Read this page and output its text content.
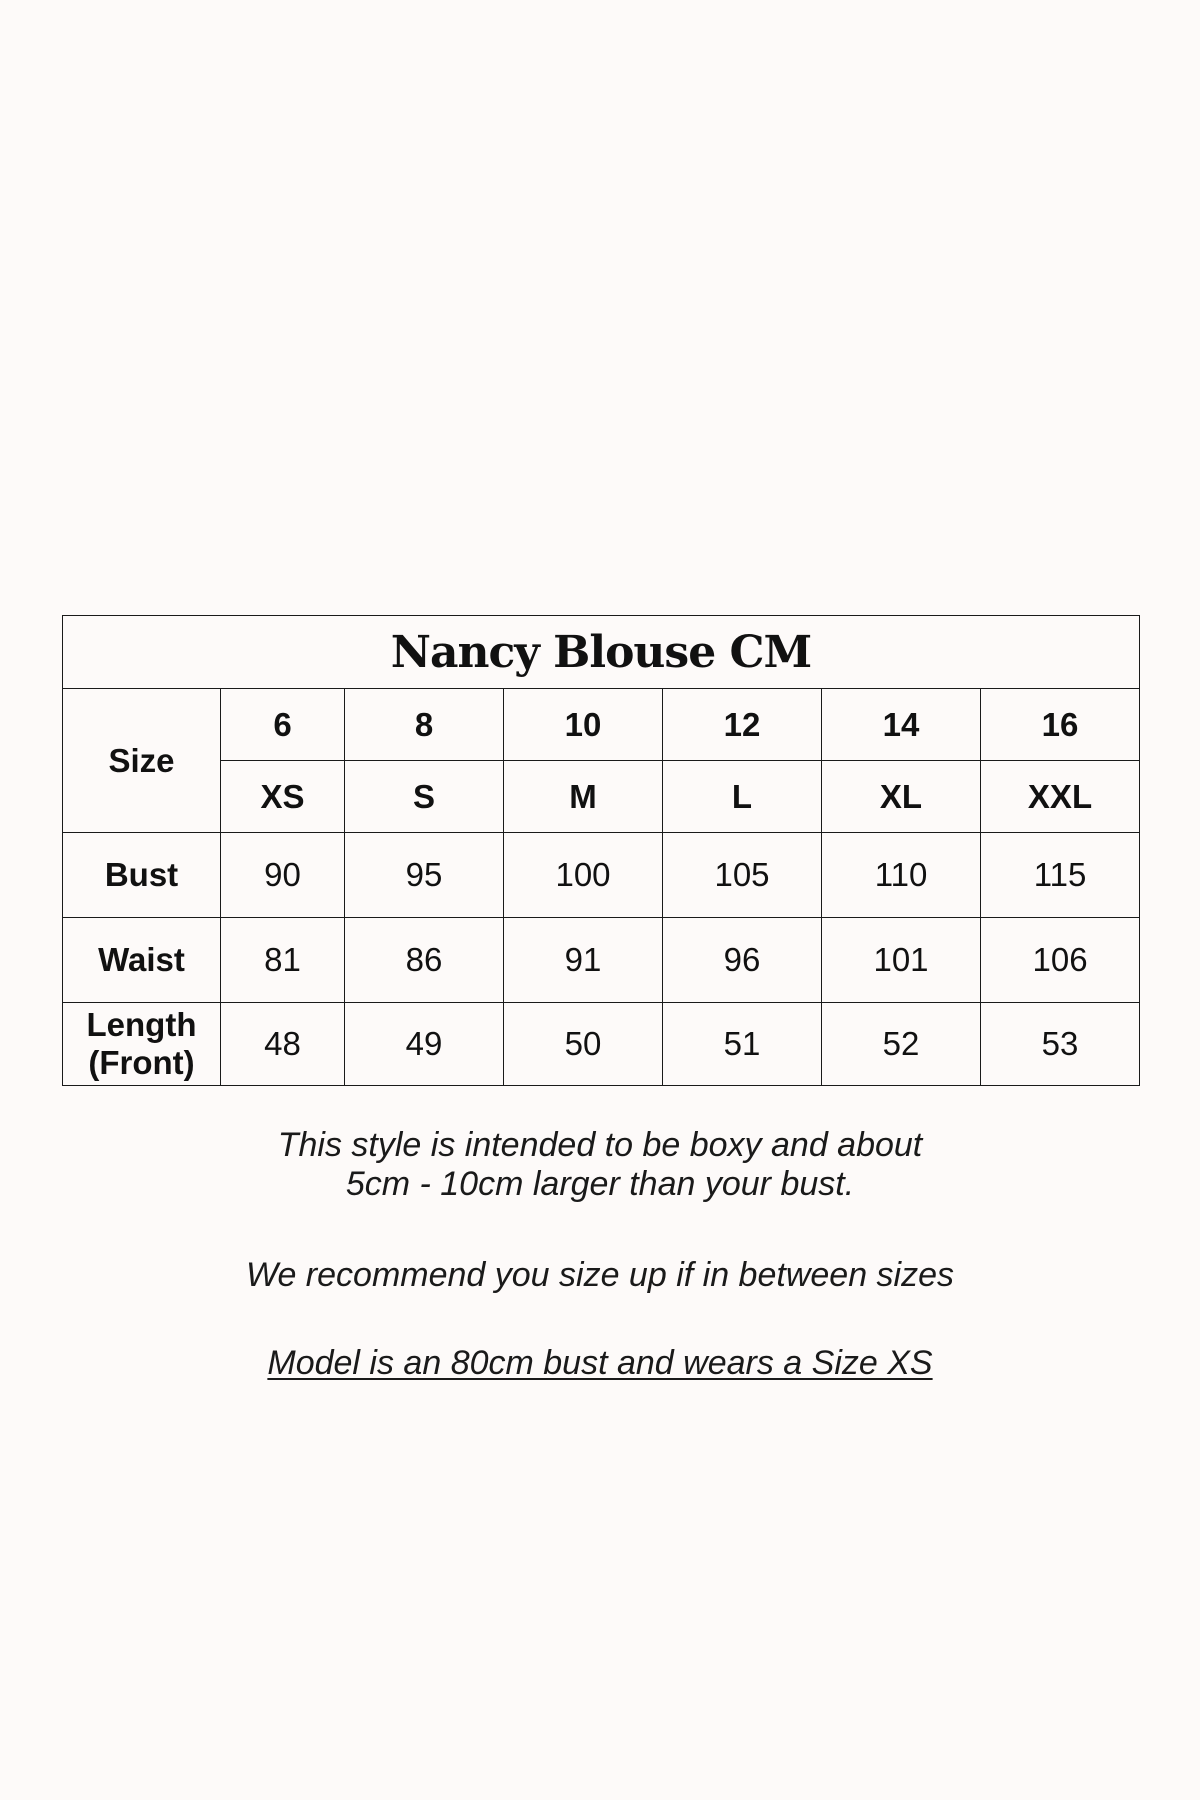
Nancy Blouse CM						
Size	6	8	10	12	14	16
	XS	S	M	L	XL	XXL
Bust	90	95	100	105	110	115
Waist	81	86	91	96	101	106
Length
(Front)	48	49	50	51	52	53
This style is intended to be boxy and about
5cm - 10cm larger than your bust.
We recommend you size up if in between sizes
Model is an 80cm bust and wears a Size XS
